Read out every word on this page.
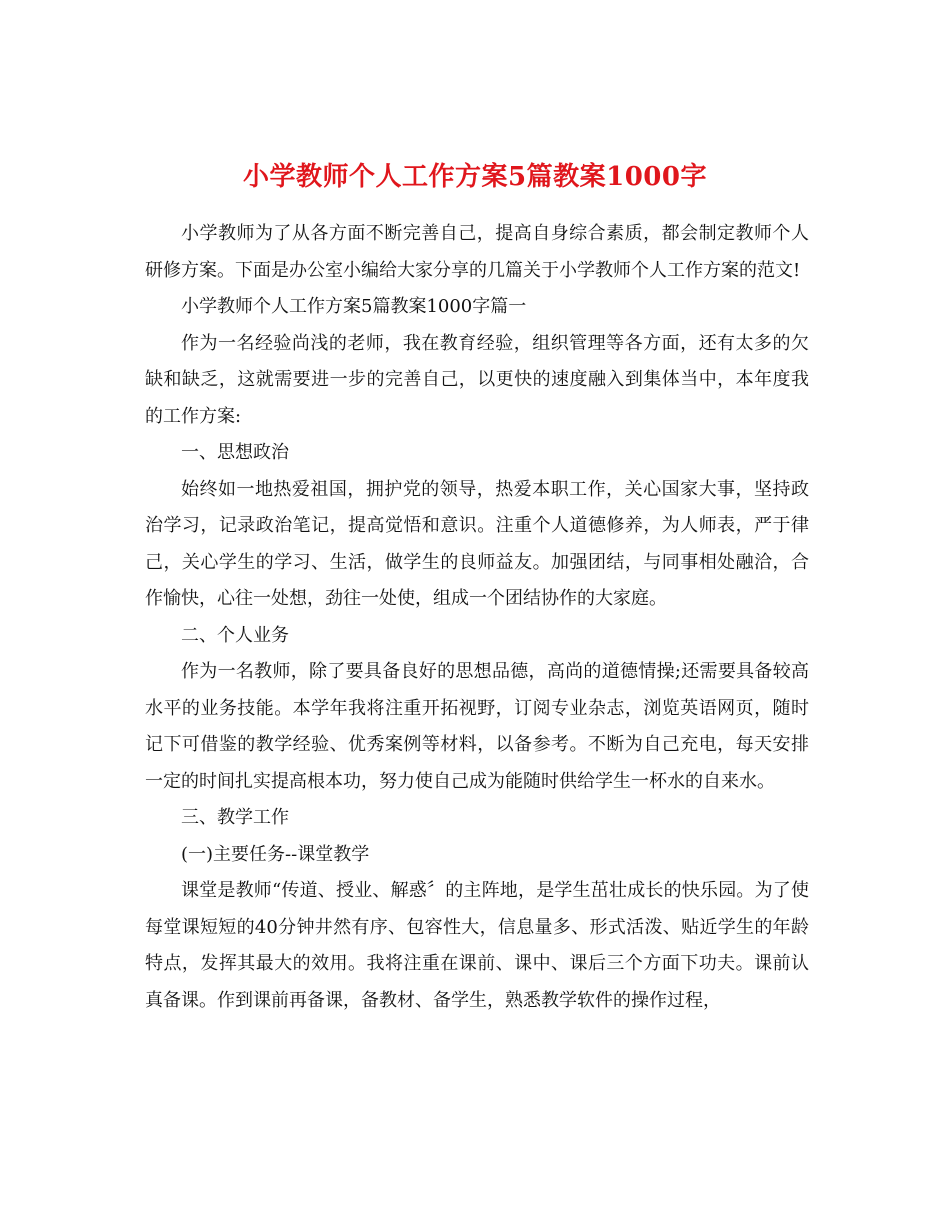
小学教师个人工作方案5篇教案1000字

小学教师为了从各方面不断完善自己，提高自身综合素质，都会制定教师个人研修方案。下面是办公室小编给大家分享的几篇关于小学教师个人工作方案的范文!

小学教师个人工作方案5篇教案1000字篇一

作为一名经验尚浅的老师，我在教育经验，组织管理等各方面，还有太多的欠缺和缺乏，这就需要进一步的完善自己，以更快的速度融入到集体当中，本年度我的工作方案:

一、思想政治

始终如一地热爱祖国，拥护党的领导，热爱本职工作，关心国家大事，坚持政治学习，记录政治笔记，提高觉悟和意识。注重个人道德修养，为人师表，严于律己，关心学生的学习、生活，做学生的良师益友。加强团结，与同事相处融洽，合作愉快，心往一处想，劲往一处使，组成一个团结协作的大家庭。

二、个人业务

作为一名教师，除了要具备良好的思想品德，高尚的道德情操;还需要具备较高水平的业务技能。本学年我将注重开拓视野，订阅专业杂志，浏览英语网页，随时记下可借鉴的教学经验、优秀案例等材料，以备参考。不断为自己充电，每天安排一定的时间扎实提高根本功，努力使自己成为能随时供给学生一杯水的自来水。

三、教学工作

(一)主要任务--课堂教学

课堂是教师“传道、授业、解惑〞的主阵地，是学生茁壮成长的快乐园。为了使每堂课短短的40分钟井然有序、包容性大，信息量多、形式活泼、贴近学生的年龄特点，发挥其最大的效用。我将注重在课前、课中、课后三个方面下功夫。课前认真备课。作到课前再备课，备教材、备学生，熟悉教学软件的操作过程，
